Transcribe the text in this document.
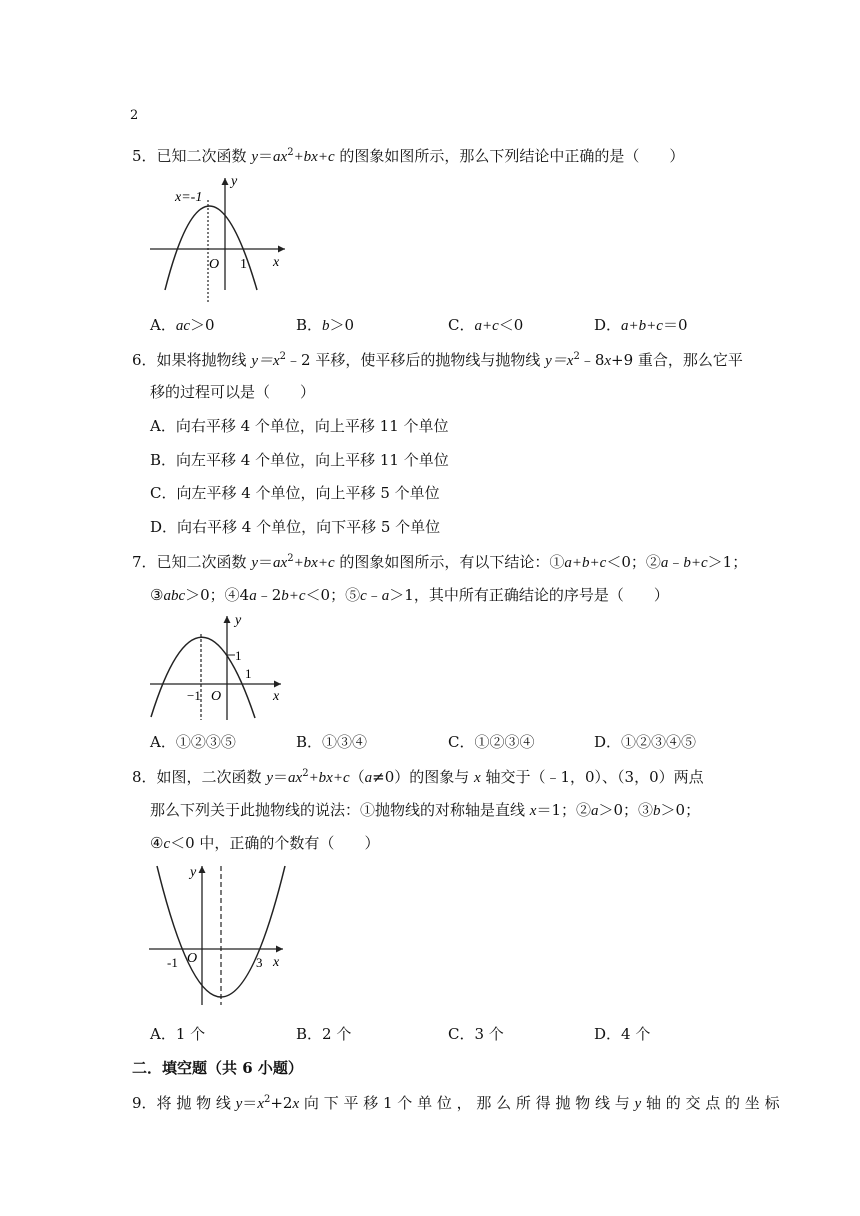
2
5．已知二次函数 $y=ax^2+bx+c$ 的图象如图所示，那么下列结论中正确的是（　　）
x=-1
y
O 1 x
A．ac＞0	B．b＞0	C．a+c＜0	D．a+b+c＝0
6．如果将抛物线 $y=x^2﹣2$ 平移，使平移后的抛物线与抛物线 $y=x^2﹣8x+9$ 重合，那么它平
移的过程可以是（　　）
A．向右平移 4 个单位，向上平移 11 个单位
B．向左平移 4 个单位，向上平移 11 个单位
C．向左平移 4 个单位，向上平移 5 个单位
D．向右平移 4 个单位，向下平移 5 个单位
7．已知二次函数 $y=ax^2+bx+c$ 的图象如图所示，有以下结论：①a+b+c＜0；②a﹣b+c＞1；
③abc＞0；④4a﹣2b+c＜0；⑤c﹣a＞1，其中所有正确结论的序号是（　　）
y
1
1
−1 O	x
A．①②③⑤	B．①③④	C．①②③④	D．①②③④⑤
8．如图，二次函数 $y=ax^2+bx+c(a\ne 0)$的图象与 x 轴交于（﹣1，0）、（3，0）两点
那么下列关于此抛物线的说法：①抛物线的对称轴是直线 x＝1；②a＞0；③b＞0；
④c＜0 中，正确的个数有（　　）
y
-1 O	3 x
A．1 个	B．2 个	C．3 个	D．4 个
二．填空题（共 6 小题）
9．将 抛 物 线 $y=x^2+2x$ 向 下 平 移 1 个 单 位 ， 那 么 所 得 抛 物 线 与 y 轴 的 交 点 的 坐 标
